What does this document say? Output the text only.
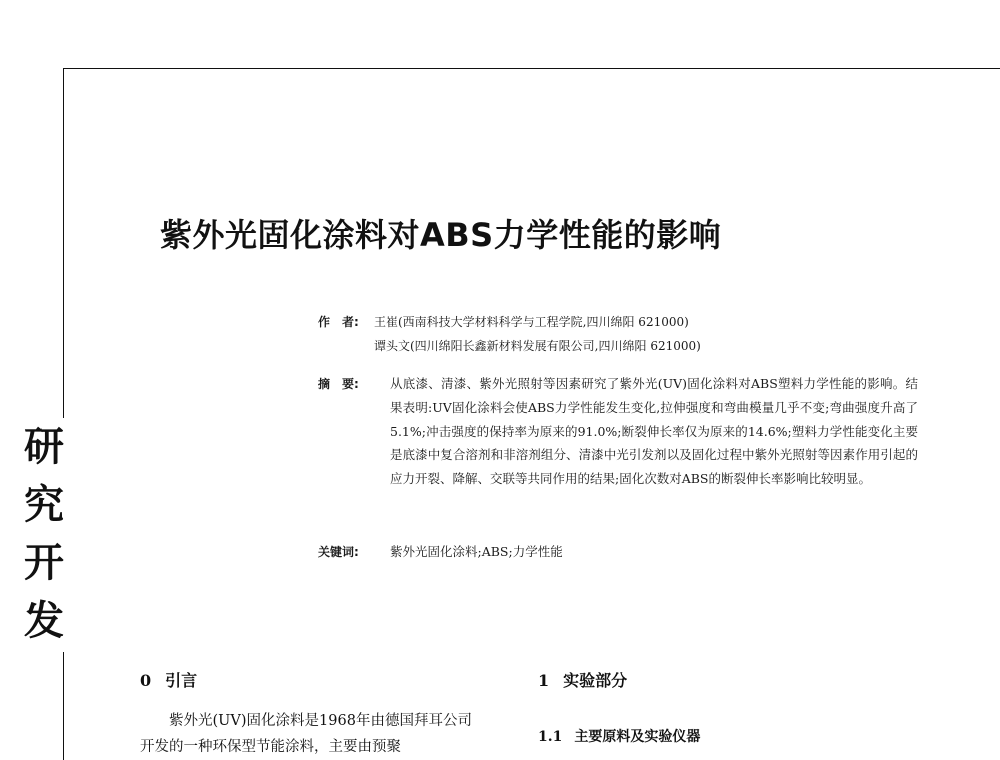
研
究
开
发
紫外光固化涂料对ABS力学性能的影响
作　者: 王崔(西南科技大学材料科学与工程学院,四川绵阳 621000)
谭头文(四川绵阳长鑫新材料发展有限公司,四川绵阳 621000)
摘　要: 从底漆、清漆、紫外光照射等因素研究了紫外光(UV)固化涂料对ABS塑料力学性能的影响。结果表明:UV固化涂料会使ABS力学性能发生变化,拉伸强度和弯曲模量几乎不变;弯曲强度升高了5.1%;冲击强度的保持率为原来的91.0%;断裂伸长率仅为原来的14.6%;塑料力学性能变化主要是底漆中复合溶剂和非溶剂组分、清漆中光引发剂以及固化过程中紫外光照射等因素作用引起的应力开裂、降解、交联等共同作用的结果;固化次数对ABS的断裂伸长率影响比较明显。
关键词: 紫外光固化涂料;ABS;力学性能
0 引言	1 实验部分
1.1 主要原料及实验仪器

紫外光(UV)固化涂料是1968年由德国拜耳公司开发的一种环保型节能涂料，主要由预聚
